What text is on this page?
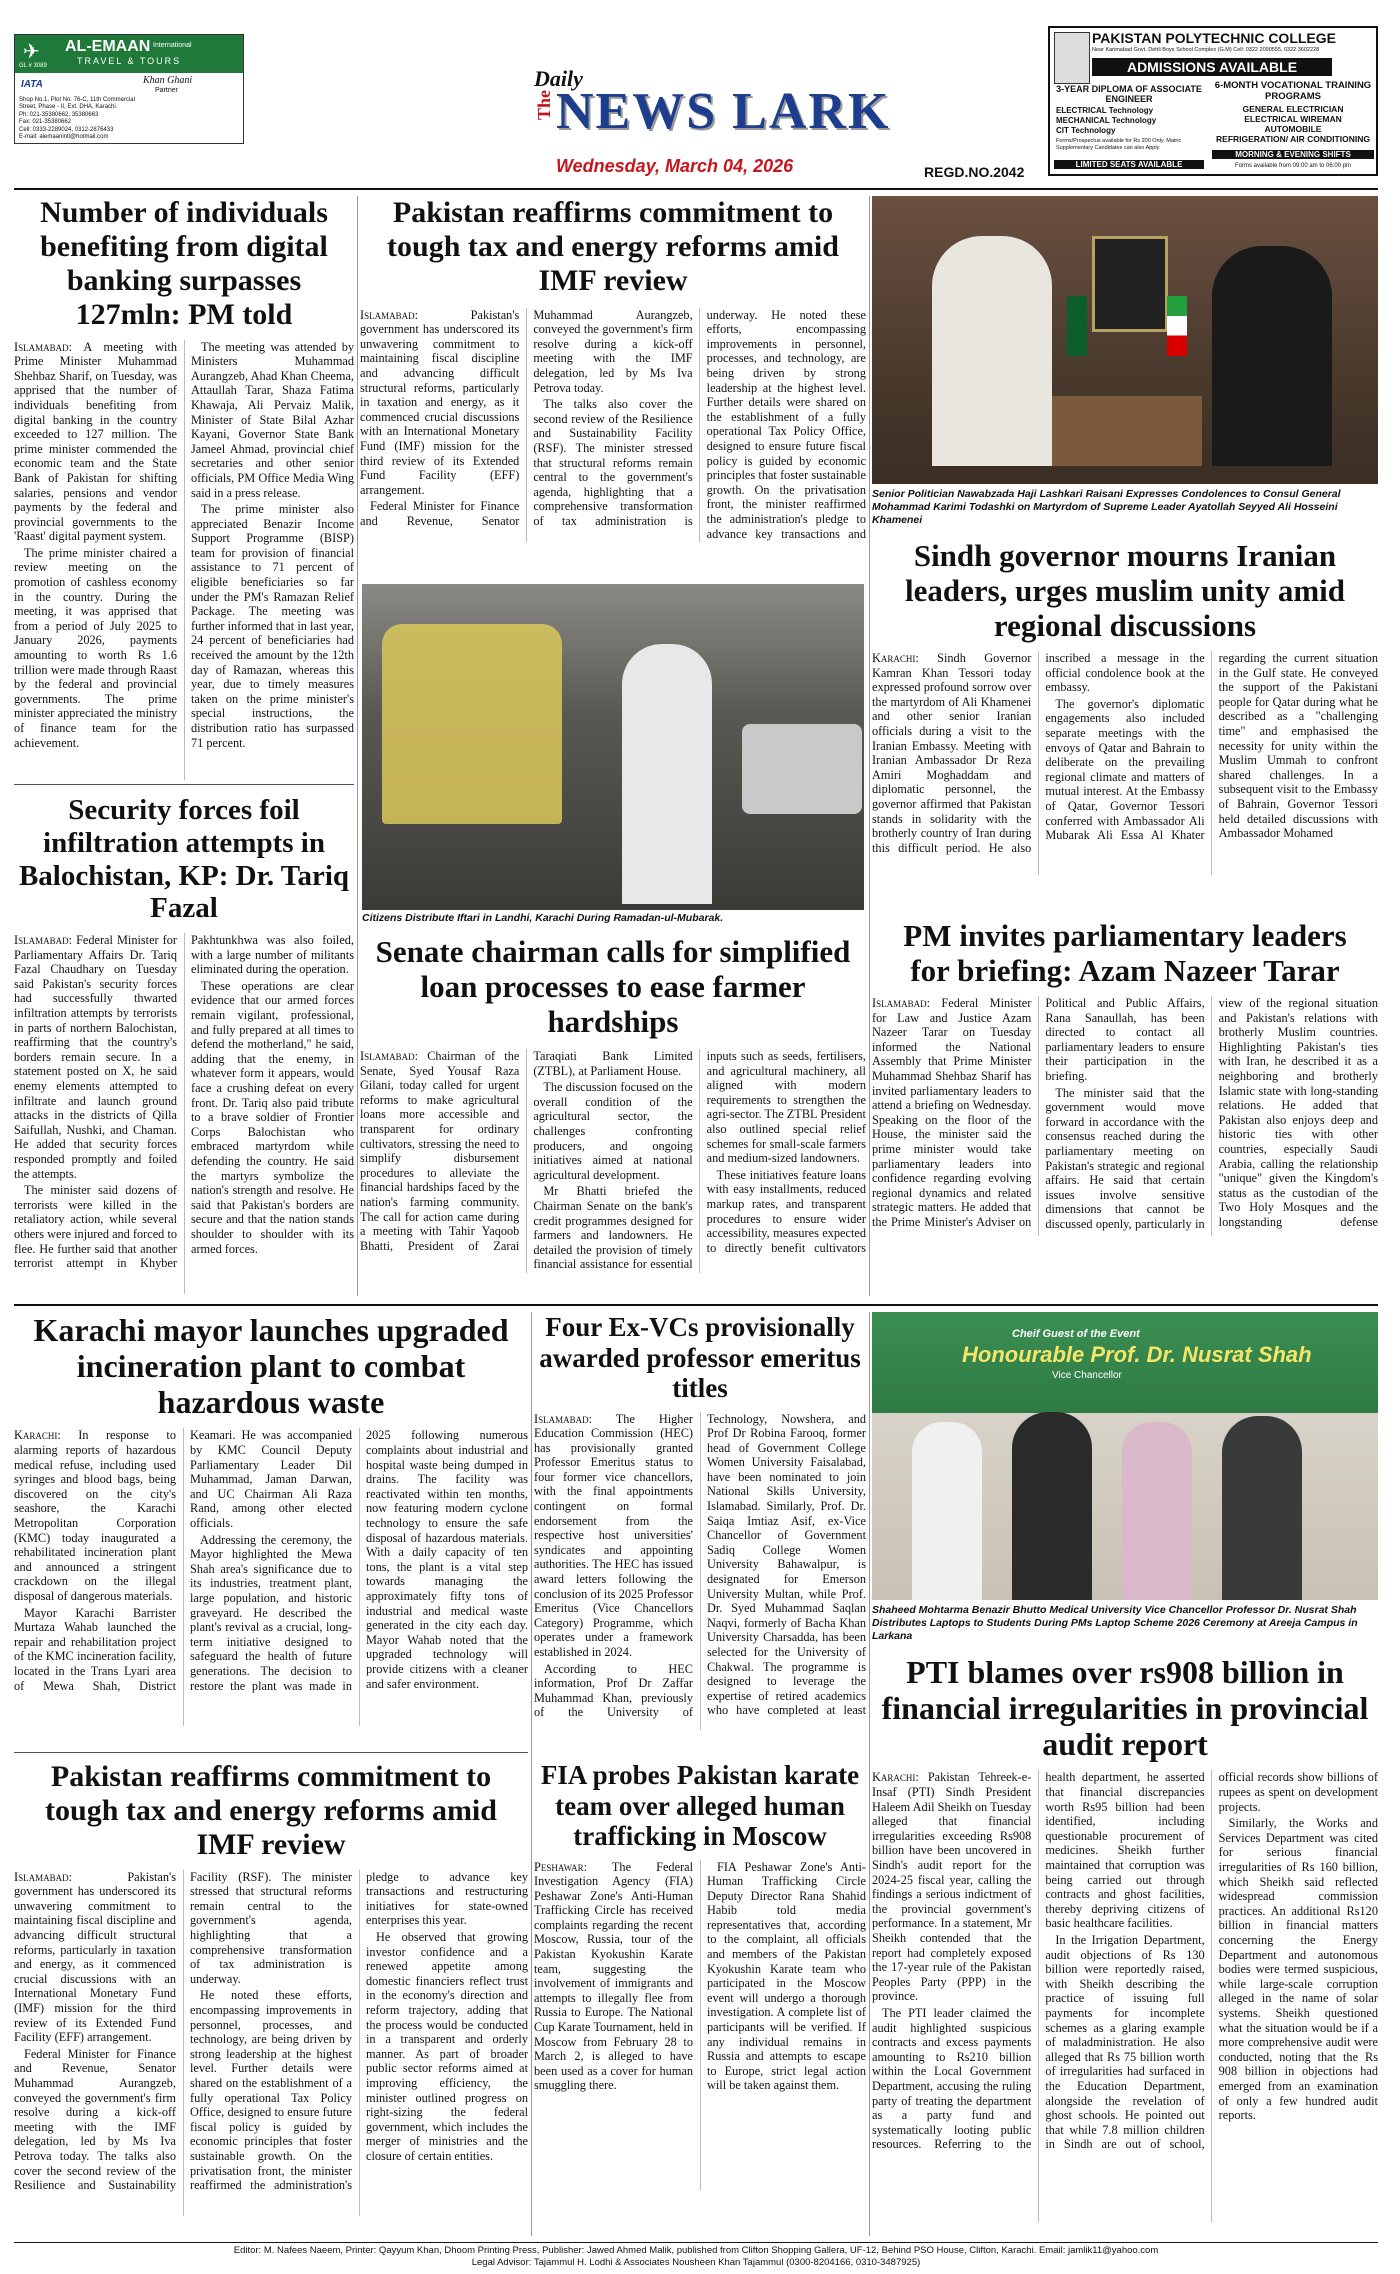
AL-EMAAN International
TRAVEL & TOURS
GL # 3089
✈
IATA	Khan Ghani
Partner
Shop No.1, Plot No. 76-C, 11th Commercial
Street, Phase - II, Ext. DHA, Karachi.
Ph: 021-35380662, 35380663
Fax: 021-35380662
Cell: 0333-2289024, 0312-2876433
E-mail: alemaanintl@hotmail.com
Daily
The NEWS LARK
Wednesday, March 04, 2026	REGD.NO.2042
PAKISTAN POLYTECHNIC COLLEGE
Near Karimabad Govt. Dehli Boys School Complex (G.M) Cell: 0322 2090555, 0322 3602228
ADMISSIONS AVAILABLE
3-YEAR DIPLOMA OF ASSOCIATE ENGINEER
ELECTRICAL Technology
MECHANICAL Technology
CIT Technology
Forms/Prospectus available for Rs 200 Only. Matric Supplementary Candidates can also Apply
LIMITED SEATS AVAILABLE
6-MONTH VOCATIONAL TRAINING PROGRAMS
GENERAL ELECTRICIAN
ELECTRICAL WIREMAN
AUTOMOBILE
REFRIGERATION/ AIR CONDITIONING
MORNING & EVENING SHIFTS
Forms available from 09:00 am to 06:00 pm
Number of individuals benefiting from digital banking surpasses 127mln: PM told

Islamabad: A meeting with Prime Minister Muhammad Shehbaz Sharif, on Tuesday, was apprised that the number of individuals benefiting from digital banking in the country exceeded to 127 million. The prime minister commended the economic team and the State Bank of Pakistan for shifting salaries, pensions and vendor payments by the federal and provincial governments to the 'Raast' digital payment system.

The prime minister chaired a review meeting on the promotion of cashless economy in the country. During the meeting, it was apprised that from a period of July 2025 to January 2026, payments amounting to worth Rs 1.6 trillion were made through Raast by the federal and provincial governments. The prime minister appreciated the ministry of finance team for the achievement.

The meeting was attended by Ministers Muhammad Aurangzeb, Ahad Khan Cheema, Attaullah Tarar, Shaza Fatima Khawaja, Ali Pervaiz Malik, Minister of State Bilal Azhar Kayani, Governor State Bank Jameel Ahmad, provincial chief secretaries and other senior officials, PM Office Media Wing said in a press release.

The prime minister also appreciated Benazir Income Support Programme (BISP) team for provision of financial assistance to 71 percent of eligible beneficiaries so far under the PM's Ramazan Relief Package. The meeting was further informed that in last year, 24 percent of beneficiaries had received the amount by the 12th day of Ramazan, whereas this year, due to timely measures taken on the prime minister's special instructions, the distribution ratio has surpassed 71 percent.

Pakistan reaffirms commitment to tough tax and energy reforms amid IMF review

Islamabad:	Pakistan's government has underscored its unwavering commitment to maintaining fiscal discipline and advancing difficult structural reforms, particularly in taxation and energy, as it commenced crucial discussions with an International Monetary Fund (IMF) mission for the third review of its Extended Fund Facility (EFF) arrangement.

Federal Minister for Finance and Revenue, Senator Muhammad Aurangzeb, conveyed the government's firm resolve during a kick-off meeting with the IMF delegation, led by Ms Iva Petrova today.

The talks also cover the second review of the Resilience and Sustainability Facility (RSF). The minister stressed that structural reforms remain central to the government's agenda, highlighting that a comprehensive transformation of tax administration is underway. He noted these efforts, encompassing improvements in personnel, processes, and technology, are being driven by strong leadership at the highest level. Further details were shared on the establishment of a fully operational Tax Policy Office, designed to ensure future fiscal policy is guided by economic principles that foster sustainable growth. On the privatisation front, the minister reaffirmed the administration's pledge to advance key transactions and

Citizens Distribute Iftari in Landhi, Karachi During Ramadan-ul-Mubarak.
Senior Politician Nawabzada Haji Lashkari Raisani Expresses Condolences to Consul General Mohammad Karimi Todashki on Martyrdom of Supreme Leader Ayatollah Seyyed Ali Hosseini Khamenei
Sindh governor mourns Iranian leaders, urges muslim unity amid regional discussions

Karachi: Sindh Governor Kamran Khan Tessori today expressed profound sorrow over the martyrdom of Ali Khamenei and other senior Iranian officials during a visit to the Iranian Embassy. Meeting with Iranian Ambassador Dr Reza Amiri Moghaddam and diplomatic personnel, the governor affirmed that Pakistan stands in solidarity with the brotherly country of Iran during this difficult period. He also inscribed a message in the official condolence book at the embassy.

The governor's diplomatic engagements also included separate meetings with the envoys of Qatar and Bahrain to deliberate on the prevailing regional climate and matters of mutual interest. At the Embassy of Qatar, Governor Tessori conferred with Ambassador Ali Mubarak Ali Essa Al Khater regarding the current situation in the Gulf state. He conveyed the support of the Pakistani people for Qatar during what he described as a "challenging time" and emphasised the necessity for unity within the Muslim Ummah to confront shared challenges. In a subsequent visit to the Embassy of Bahrain, Governor Tessori held detailed discussions with Ambassador Mohamed

Security forces foil infiltration attempts in Balochistan, KP: Dr. Tariq Fazal

Islamabad: Federal Minister for Parliamentary Affairs Dr. Tariq Fazal Chaudhary on Tuesday said Pakistan's security forces had successfully thwarted infiltration attempts by terrorists in parts of northern Balochistan, reaffirming that the country's borders remain secure. In a statement posted on X, he said enemy elements attempted to infiltrate and launch ground attacks in the districts of Qilla Saifullah, Nushki, and Chaman. He added that security forces responded promptly and foiled the attempts.

The minister said dozens of terrorists were killed in the retaliatory action, while several others were injured and forced to flee. He further said that another terrorist attempt in Khyber Pakhtunkhwa was also foiled, with a large number of militants eliminated during the operation.

These operations are clear evidence that our armed forces remain vigilant, professional, and fully prepared at all times to defend the motherland," he said, adding that the enemy, in whatever form it appears, would face a crushing defeat on every front. Dr. Tariq also paid tribute to a brave soldier of Frontier Corps Balochistan who embraced martyrdom while defending the country. He said the martyrs symbolize the nation's strength and resolve. He said that Pakistan's borders are secure and that the nation stands shoulder to shoulder with its armed forces.

Senate chairman calls for simplified loan processes to ease farmer hardships

Islamabad: Chairman of the Senate, Syed Yousaf Raza Gilani, today called for urgent reforms to make agricultural loans more accessible and transparent for ordinary cultivators, stressing the need to simplify disbursement procedures to alleviate the financial hardships faced by the nation's farming community. The call for action came during a meeting with Tahir Yaqoob Bhatti, President of Zarai Taraqiati Bank Limited (ZTBL), at Parliament House.

The discussion focused on the overall condition of the agricultural sector, the challenges confronting producers, and ongoing initiatives aimed at national agricultural development.

Mr Bhatti briefed the Chairman Senate on the bank's credit programmes designed for farmers and landowners. He detailed the provision of timely financial assistance for essential inputs such as seeds, fertilisers, and agricultural machinery, all aligned with modern requirements to strengthen the agri-sector. The ZTBL President also outlined special relief schemes for small-scale farmers and medium-sized landowners.

These initiatives feature loans with easy installments, reduced markup rates, and transparent procedures to ensure wider accessibility, measures expected to directly benefit cultivators

PM invites parliamentary leaders for briefing: Azam Nazeer Tarar

Islamabad: Federal Minister for Law and Justice Azam Nazeer Tarar on Tuesday informed the National Assembly that Prime Minister Muhammad Shehbaz Sharif has invited parliamentary leaders to attend a briefing on Wednesday. Speaking on the floor of the House, the minister said the prime minister would take parliamentary leaders into confidence regarding evolving regional dynamics and related strategic matters. He added that the Prime Minister's Adviser on Political and Public Affairs, Rana Sanaullah, has been directed to contact all parliamentary leaders to ensure their participation in the briefing.

The minister said that the government would move forward in accordance with the consensus reached during the parliamentary meeting on Pakistan's strategic and regional affairs. He said that certain issues involve sensitive dimensions that cannot be discussed openly, particularly in view of the regional situation and Pakistan's relations with brotherly Muslim countries. Highlighting Pakistan's ties with Iran, he described it as a neighboring and brotherly Islamic state with long-standing relations. He added that Pakistan also enjoys deep and historic ties with other countries, especially Saudi Arabia, calling the relationship "unique" given the Kingdom's status as the custodian of the Two Holy Mosques and the longstanding defense

Karachi mayor launches upgraded incineration plant to combat hazardous waste

Karachi: In response to alarming reports of hazardous medical refuse, including used syringes and blood bags, being discovered on the city's seashore, the Karachi Metropolitan Corporation (KMC) today inaugurated a rehabilitated incineration plant and announced a stringent crackdown on the illegal disposal of dangerous materials.

Mayor Karachi Barrister Murtaza Wahab launched the repair and rehabilitation project of the KMC incineration facility, located in the Trans Lyari area of Mewa Shah, District Keamari. He was accompanied by KMC Council Deputy Parliamentary Leader Dil Muhammad, Jaman Darwan, and UC Chairman Ali Raza Rand, among other elected officials.

Addressing the ceremony, the Mayor highlighted the Mewa Shah area's significance due to its industries, treatment plant, large population, and historic graveyard. He described the plant's revival as a crucial, long-term initiative designed to safeguard the health of future generations. The decision to restore the plant was made in 2025 following numerous complaints about industrial and hospital waste being dumped in drains. The facility was reactivated within ten months, now featuring modern cyclone technology to ensure the safe disposal of hazardous materials. With a daily capacity of ten tons, the plant is a vital step towards managing the approximately fifty tons of industrial and medical waste generated in the city each day. Mayor Wahab noted that the upgraded technology will provide citizens with a cleaner and safer environment.

Four Ex-VCs provisionally awarded professor emeritus titles

Islamabad: The Higher Education Commission (HEC) has provisionally granted Professor Emeritus status to four former vice chancellors, with the final appointments contingent on formal endorsement from the respective host universities' syndicates and appointing authorities. The HEC has issued award letters following the conclusion of its 2025 Professor Emeritus (Vice Chancellors Category) Programme, which operates under a framework established in 2024.

According to HEC information, Prof Dr Zaffar Muhammad Khan, previously of the University of Technology, Nowshera, and Prof Dr Robina Farooq, former head of Government College Women University Faisalabad, have been nominated to join National Skills University, Islamabad. Similarly, Prof. Dr. Saiqa Imtiaz Asif, ex-Vice Chancellor of Government Sadiq College Women University Bahawalpur, is designated for Emerson University Multan, while Prof. Dr. Syed Muhammad Saqlan Naqvi, formerly of Bacha Khan University Charsadda, has been selected for the University of Chakwal. The programme is designed to leverage the expertise of retired academics who have completed at least

Cheif Guest of the Event
Honourable Prof. Dr. Nusrat Shah
Vice Chancellor
Shaheed Mohtarma Benazir Bhutto Medical University Vice Chancellor Professor Dr. Nusrat Shah Distributes Laptops to Students During PMs Laptop Scheme 2026 Ceremony at Areeja Campus in Larkana
PTI blames over rs908 billion in financial irregularities in provincial audit report

Karachi: Pakistan Tehreek-e-Insaf (PTI) Sindh President Haleem Adil Sheikh on Tuesday alleged that financial irregularities exceeding Rs908 billion have been uncovered in Sindh's audit report for the 2024-25 fiscal year, calling the findings a serious indictment of the provincial government's performance. In a statement, Mr Sheikh contended that the report had completely exposed the 17-year rule of the Pakistan Peoples Party (PPP) in the province.

The PTI leader claimed the audit highlighted suspicious contracts and excess payments amounting to Rs210 billion within the Local Government Department, accusing the ruling party of treating the department as a party fund and systematically looting public resources. Referring to the health department, he asserted that financial discrepancies worth Rs95 billion had been identified, including questionable procurement of medicines. Sheikh further maintained that corruption was being carried out through contracts and ghost facilities, thereby depriving citizens of basic healthcare facilities.

In the Irrigation Department, audit objections of Rs 130 billion were reportedly raised, with Sheikh describing the practice of issuing full payments for incomplete schemes as a glaring example of maladministration. He also alleged that Rs 75 billion worth of irregularities had surfaced in the Education Department, alongside the revelation of ghost schools. He pointed out that while 7.8 million children in Sindh are out of school, official records show billions of rupees as spent on development projects.

Similarly, the Works and Services Department was cited for serious financial irregularities of Rs 160 billion, which Sheikh said reflected widespread commission practices. An additional Rs120 billion in financial matters concerning the Energy Department and autonomous bodies were termed suspicious, while large-scale corruption alleged in the name of solar systems. Sheikh questioned what the situation would be if a more comprehensive audit were conducted, noting that the Rs 908 billion in objections had emerged from an examination of only a few hundred audit reports.

Pakistan reaffirms commitment to tough tax and energy reforms amid IMF review

Islamabad:	Pakistan's government has underscored its unwavering commitment to maintaining fiscal discipline and advancing difficult structural reforms, particularly in taxation and energy, as it commenced crucial discussions with an International Monetary Fund (IMF) mission for the third review of its Extended Fund Facility (EFF) arrangement.

Federal Minister for Finance and Revenue, Senator Muhammad Aurangzeb, conveyed the government's firm resolve during a kick-off meeting with the IMF delegation, led by Ms Iva Petrova today. The talks also cover the second review of the Resilience and Sustainability Facility (RSF). The minister stressed that structural reforms remain central to the government's agenda, highlighting that a comprehensive transformation of tax administration is underway.

He noted these efforts, encompassing improvements in personnel, processes, and technology, are being driven by strong leadership at the highest level. Further details were shared on the establishment of a fully operational Tax Policy Office, designed to ensure future fiscal policy is guided by economic principles that foster sustainable growth. On the privatisation front, the minister reaffirmed the administration's pledge to advance key transactions and restructuring initiatives for state-owned enterprises this year.

He observed that growing investor confidence and a renewed appetite among domestic financiers reflect trust in the economy's direction and reform trajectory, adding that the process would be conducted in a transparent and orderly manner. As part of broader public sector reforms aimed at improving efficiency, the minister outlined progress on right-sizing the federal government, which includes the merger of ministries and the closure of certain entities.

FIA probes Pakistan karate team over alleged human trafficking in Moscow

Peshawar: The Federal Investigation Agency (FIA) Peshawar Zone's Anti-Human Trafficking Circle has received complaints regarding the recent Moscow, Russia, tour of the Pakistan Kyokushin Karate team, suggesting the involvement of immigrants and attempts to illegally flee from Russia to Europe. The National Cup Karate Tournament, held in Moscow from February 28 to March 2, is alleged to have been used as a cover for human smuggling there.

FIA Peshawar Zone's Anti-Human Trafficking Circle Deputy Director Rana Shahid Habib told media representatives that, according to the complaint, all officials and members of the Pakistan Kyokushin Karate team who participated in the Moscow event will undergo a thorough investigation. A complete list of participants will be verified. If any individual remains in Russia and attempts to escape to Europe, strict legal action will be taken against them.

Editor: M. Nafees Naeem, Printer: Qayyum Khan, Dhoom Printing Press, Publisher: Jawed Ahmed Malik, published from Clifton Shopping Gallera, UF-12, Behind PSO House, Clifton, Karachi. Email: jamlik11@yahoo.com
Legal Advisor: Tajammul H. Lodhi & Associates Nousheen Khan Tajammul (0300-8204166, 0310-3487925)
